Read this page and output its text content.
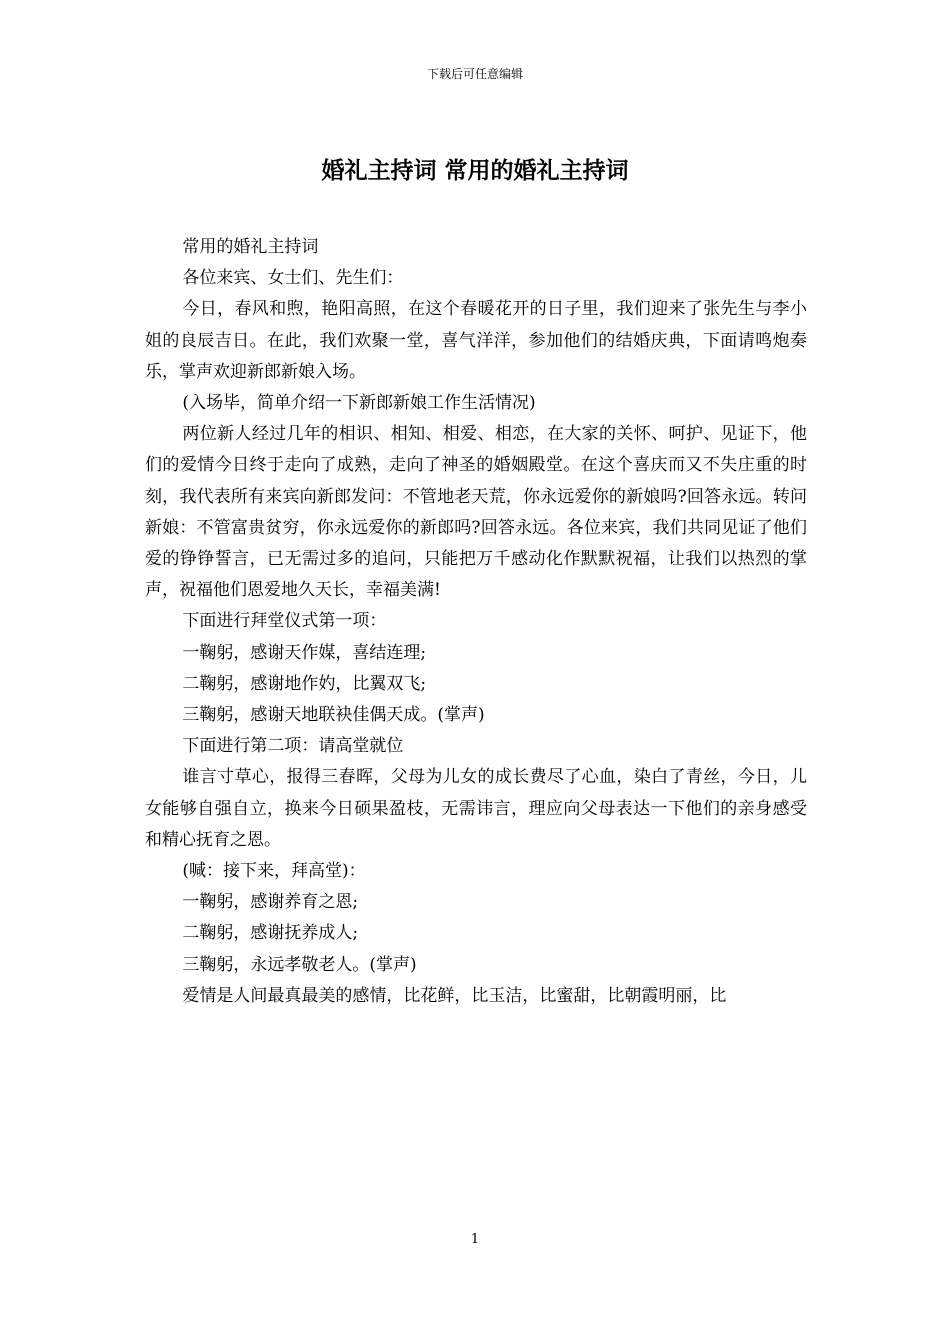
下载后可任意编辑
婚礼主持词 常用的婚礼主持词

常用的婚礼主持词

各位来宾、女士们、先生们：

今日，春风和煦，艳阳高照，在这个春暖花开的日子里，我们迎来了张先生与李小姐的良辰吉日。在此，我们欢聚一堂，喜气洋洋，参加他们的结婚庆典，下面请鸣炮奏乐，掌声欢迎新郎新娘入场。

(入场毕，简单介绍一下新郎新娘工作生活情况)

两位新人经过几年的相识、相知、相爱、相恋，在大家的关怀、呵护、见证下，他们的爱情今日终于走向了成熟，走向了神圣的婚姻殿堂。在这个喜庆而又不失庄重的时刻，我代表所有来宾向新郎发问：不管地老天荒，你永远爱你的新娘吗?回答永远。转问新娘：不管富贵贫穷，你永远爱你的新郎吗?回答永远。各位来宾，我们共同见证了他们爱的铮铮誓言，已无需过多的追问，只能把万千感动化作默默祝福，让我们以热烈的掌声，祝福他们恩爱地久天长，幸福美满!

下面进行拜堂仪式第一项：

一鞠躬，感谢天作媒，喜结连理;

二鞠躬，感谢地作妁，比翼双飞;

三鞠躬，感谢天地联袂佳偶天成。(掌声)

下面进行第二项：请高堂就位

谁言寸草心，报得三春晖，父母为儿女的成长费尽了心血，染白了青丝，今日，儿女能够自强自立，换来今日硕果盈枝，无需讳言，理应向父母表达一下他们的亲身感受和精心抚育之恩。

(喊：接下来，拜高堂)：

一鞠躬，感谢养育之恩;

二鞠躬，感谢抚养成人;

三鞠躬，永远孝敬老人。(掌声)

爱情是人间最真最美的感情，比花鲜，比玉洁，比蜜甜，比朝霞明丽，比

1
